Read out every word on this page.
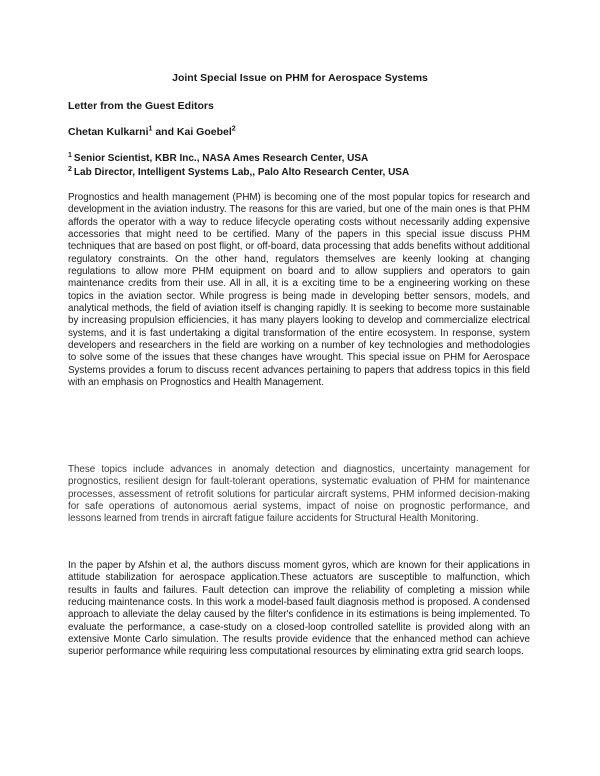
Joint Special Issue on PHM for Aerospace Systems
Letter from the Guest Editors
Chetan Kulkarni$^1$ and Kai Goebel$^2$
$^1$ Senior Scientist, KBR Inc., NASA Ames Research Center, USA
$^2$ Lab Director, Intelligent Systems Lab,, Palo Alto Research Center, USA

Prognostics and health management (PHM) is becoming one of the most popular topics for research and development in the aviation industry. The reasons for this are varied, but one of the main ones is that PHM affords the operator with a way to reduce lifecycle operating costs without necessarily adding expensive accessories that might need to be certified. Many of the papers in this special issue discuss PHM techniques that are based on post flight, or off-board, data processing that adds benefits without additional regulatory constraints. On the other hand, regulators themselves are keenly looking at changing regulations to allow more PHM equipment on board and to allow suppliers and operators to gain maintenance credits from their use. All in all, it is a exciting time to be a engineering working on these topics in the aviation sector. While progress is being made in developing better sensors, models, and analytical methods, the field of aviation itself is changing rapidly. It is seeking to become more sustainable by increasing propulsion efficiencies, it has many players looking to develop and commercialize electrical systems, and it is fast undertaking a digital transformation of the entire ecosystem. In response, system developers and researchers in the field are working on a number of key technologies and methodologies to solve some of the issues that these changes have wrought. This special issue on PHM for Aerospace Systems provides a forum to discuss recent advances pertaining to papers that address topics in this field with an emphasis on Prognostics and Health Management.

These topics include advances in anomaly detection and diagnostics, uncertainty management for prognostics, resilient design for fault-tolerant operations, systematic evaluation of PHM for maintenance processes, assessment of retrofit solutions for particular aircraft systems, PHM informed decision-making for safe operations of autonomous aerial systems, impact of noise on prognostic performance, and lessons learned from trends in aircraft fatigue failure accidents for Structural Health Monitoring.

In the paper by Afshin et al, the authors discuss moment gyros, which are known for their applications in attitude stabilization for aerospace application.These actuators are susceptible to malfunction, which results in faults and failures. Fault detection can improve the reliability of completing a mission while reducing maintenance costs. In this work a model-based fault diagnosis method is proposed. A condensed approach to alleviate the delay caused by the filter's confidence in its estimations is being implemented. To evaluate the performance, a case-study on a closed-loop controlled satellite is provided along with an extensive Monte Carlo simulation. The results provide evidence that the enhanced method can achieve superior performance while requiring less computational resources by eliminating extra grid search loops.
